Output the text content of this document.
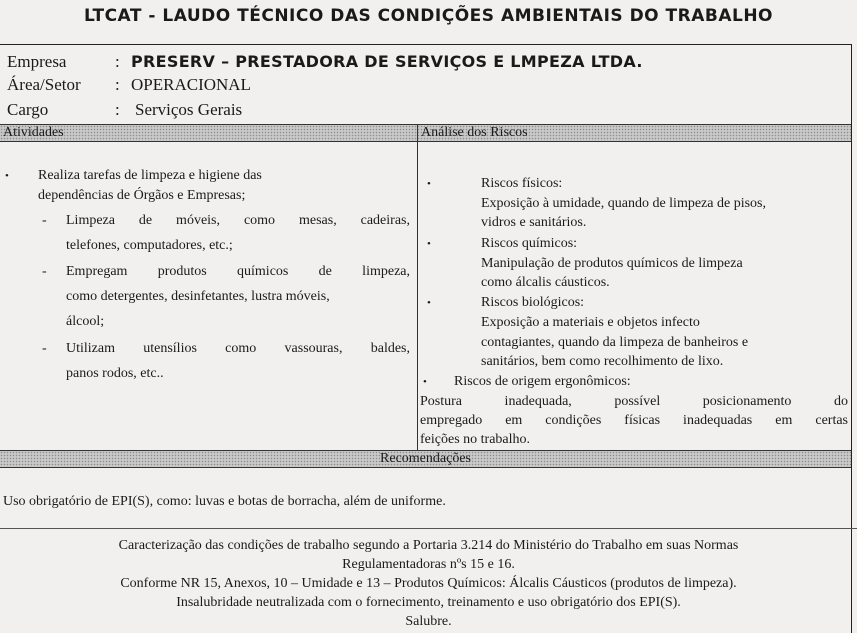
LTCAT - LAUDO TÉCNICO DAS CONDIÇÕES AMBIENTAIS DO TRABALHO
Empresa	: PRESERV – PRESTADORA DE SERVIÇOS E LMPEZA LTDA.
Área/Setor : OPERACIONAL
Cargo	: Serviços Gerais
Atividades	Análise dos Riscos
• Realiza tarefas de limpeza e higiene das
dependências de Órgãos e Empresas;
- Limpeza de móveis, como mesas, cadeiras,
telefones, computadores, etc.;
- Empregam produtos químicos de limpeza,
como detergentes, desinfetantes, lustra móveis,
álcool;
- Utilizam utensílios como vassouras, baldes,
panos rodos, etc..
•	Riscos físicos:
Exposição à umidade, quando de limpeza de pisos,
vidros e sanitários.
•	Riscos químicos:
Manipulação de produtos químicos de limpeza
como álcalis cáusticos.
•	Riscos biológicos:
Exposição a materiais e objetos infecto
contagiantes, quando da limpeza de banheiros e
sanitários, bem como recolhimento de lixo.
• Riscos de origem ergonômicos:
Postura inadequada, possível posicionamento do
empregado em condições físicas inadequadas em certas
feições no trabalho.
Recomendações
Uso obrigatório de EPI(S), como: luvas e botas de borracha, além de uniforme.
Caracterização das condições de trabalho segundo a Portaria 3.214 do Ministério do Trabalho em suas Normas
Regulamentadoras nºs 15 e 16.
Conforme NR 15, Anexos, 10 – Umidade e 13 – Produtos Químicos: Álcalis Cáusticos (produtos de limpeza).
Insalubridade neutralizada com o fornecimento, treinamento e uso obrigatório dos EPI(S).
Salubre.
